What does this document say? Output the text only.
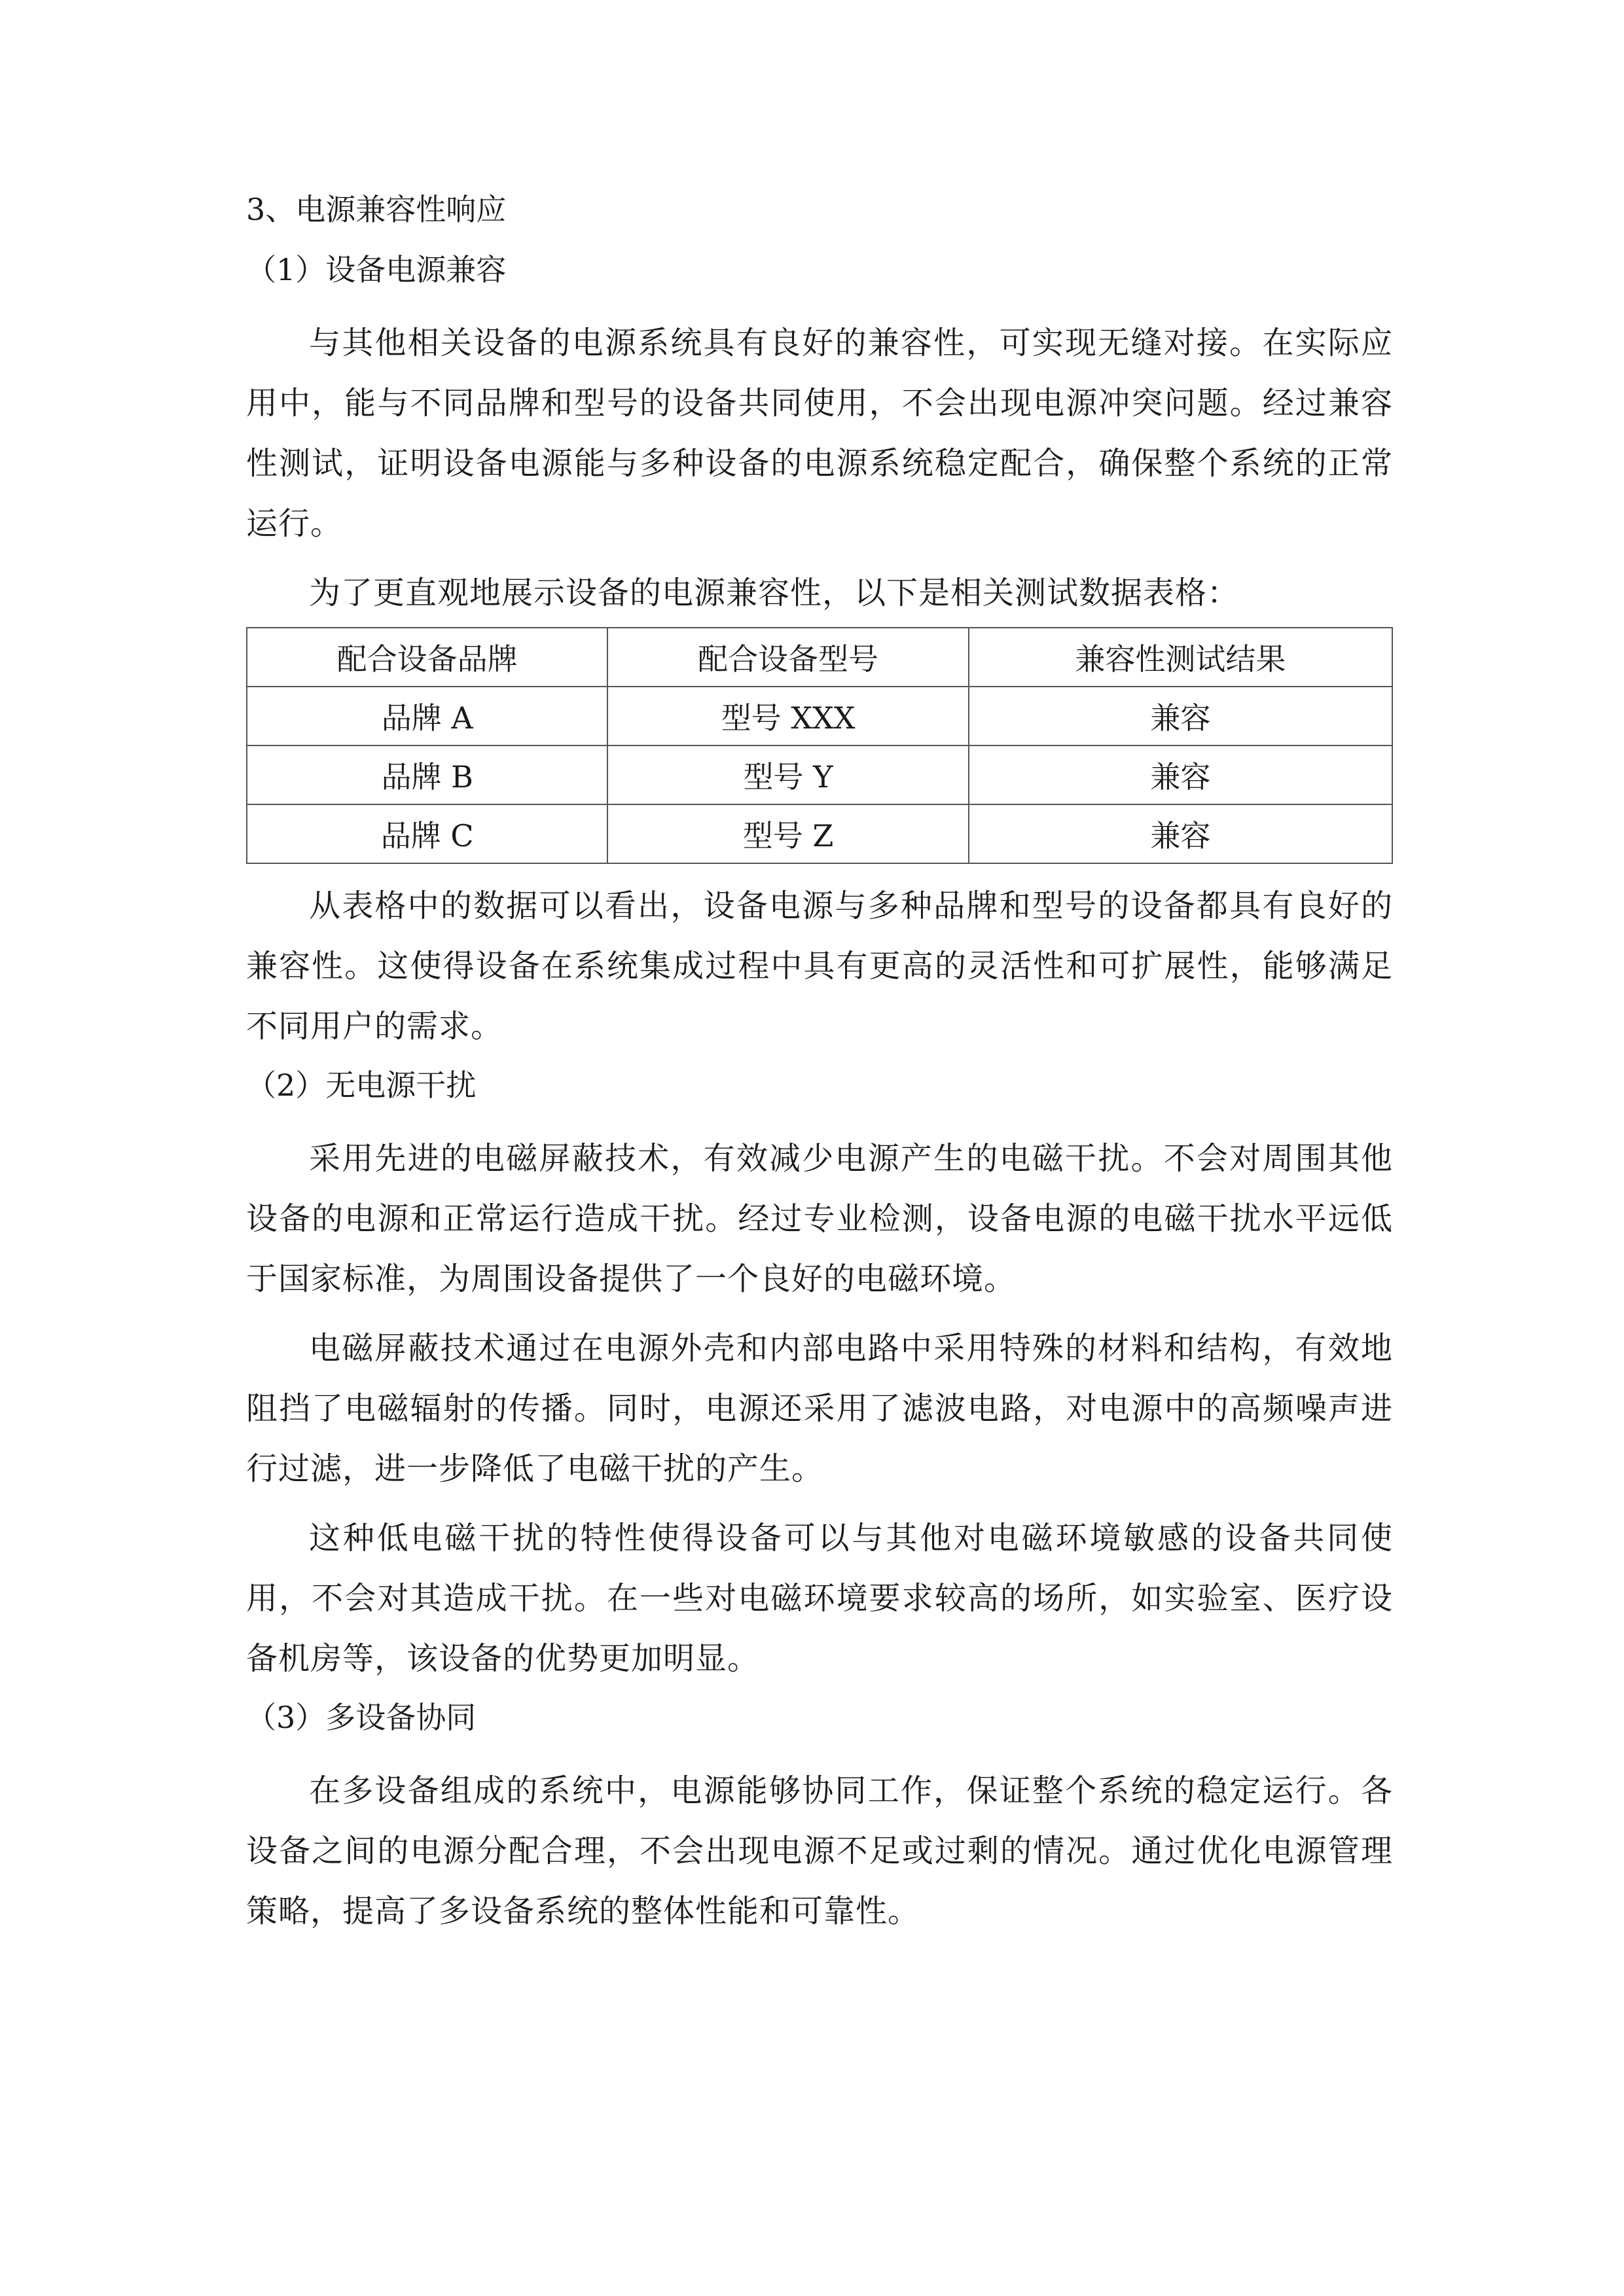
3、电源兼容性响应

（1）设备电源兼容

与其他相关设备的电源系统具有良好的兼容性，可实现无缝对接。在实际应用中，能与不同品牌和型号的设备共同使用，不会出现电源冲突问题。经过兼容性测试，证明设备电源能与多种设备的电源系统稳定配合，确保整个系统的正常运行。

为了更直观地展示设备的电源兼容性，以下是相关测试数据表格：

配合设备品牌	配合设备型号	兼容性测试结果
品牌 A	型号 XXX	兼容
品牌 B	型号 Y	兼容
品牌 C	型号 Z	兼容

从表格中的数据可以看出，设备电源与多种品牌和型号的设备都具有良好的兼容性。这使得设备在系统集成过程中具有更高的灵活性和可扩展性，能够满足不同用户的需求。

（2）无电源干扰

采用先进的电磁屏蔽技术，有效减少电源产生的电磁干扰。不会对周围其他设备的电源和正常运行造成干扰。经过专业检测，设备电源的电磁干扰水平远低于国家标准，为周围设备提供了一个良好的电磁环境。

电磁屏蔽技术通过在电源外壳和内部电路中采用特殊的材料和结构，有效地阻挡了电磁辐射的传播。同时，电源还采用了滤波电路，对电源中的高频噪声进行过滤，进一步降低了电磁干扰的产生。

这种低电磁干扰的特性使得设备可以与其他对电磁环境敏感的设备共同使用，不会对其造成干扰。在一些对电磁环境要求较高的场所，如实验室、医疗设备机房等，该设备的优势更加明显。

（3）多设备协同

在多设备组成的系统中，电源能够协同工作，保证整个系统的稳定运行。各设备之间的电源分配合理，不会出现电源不足或过剩的情况。通过优化电源管理策略，提高了多设备系统的整体性能和可靠性。
